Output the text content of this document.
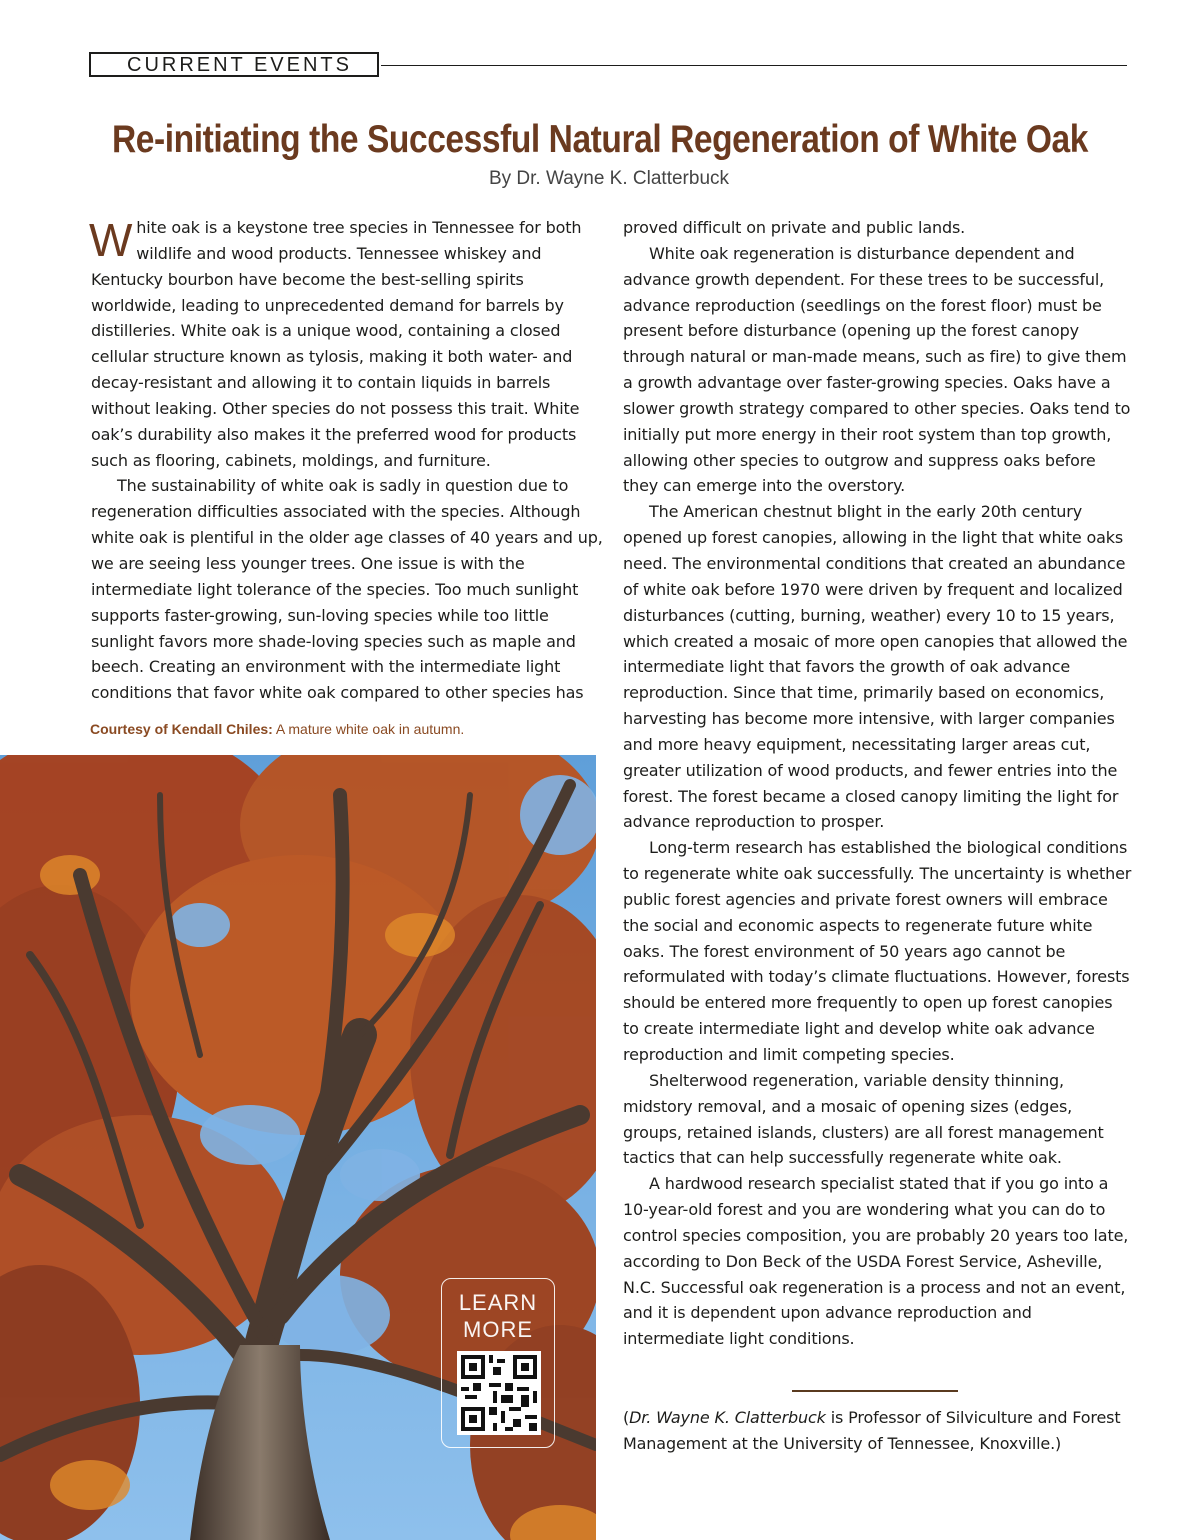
CURRENT EVENTS
Re-initiating the Successful Natural Regeneration of White Oak
By Dr. Wayne K. Clatterbuck

White oak is a keystone tree species in Tennessee for both wildlife and wood products. Tennessee whiskey and Kentucky bourbon have become the best-selling spirits worldwide, leading to unprecedented demand for barrels by distilleries. White oak is a unique wood, containing a closed cellular structure known as tylosis, making it both water- and decay-resistant and allowing it to contain liquids in barrels without leaking. Other species do not possess this trait. White oak’s durability also makes it the preferred wood for products such as flooring, cabinets, moldings, and furniture.

The sustainability of white oak is sadly in question due to regeneration difficulties associated with the species. Although white oak is plentiful in the older age classes of 40 years and up, we are seeing less younger trees. One issue is with the intermediate light tolerance of the species. Too much sunlight supports faster-growing, sun-loving species while too little sunlight favors more shade-loving species such as maple and beech. Creating an environment with the intermediate light conditions that favor white oak compared to other species has

Courtesy of Kendall Chiles: A mature white oak in autumn.
LEARN
MORE

proved difficult on private and public lands.

White oak regeneration is disturbance dependent and advance growth dependent. For these trees to be successful, advance reproduction (seedlings on the forest floor) must be present before disturbance (opening up the forest canopy through natural or man-made means, such as fire) to give them a growth advantage over faster-growing species. Oaks have a slower growth strategy compared to other species. Oaks tend to initially put more energy in their root system than top growth, allowing other species to outgrow and suppress oaks before they can emerge into the overstory.

The American chestnut blight in the early 20th century opened up forest canopies, allowing in the light that white oaks need. The environmental conditions that created an abundance of white oak before 1970 were driven by frequent and localized disturbances (cutting, burning, weather) every 10 to 15 years, which created a mosaic of more open canopies that allowed the intermediate light that favors the growth of oak advance reproduction. Since that time, primarily based on economics, harvesting has become more intensive, with larger companies and more heavy equipment, necessitating larger areas cut, greater utilization of wood products, and fewer entries into the forest. The forest became a closed canopy limiting the light for advance reproduction to prosper.

Long-term research has established the biological conditions to regenerate white oak successfully. The uncertainty is whether public forest agencies and private forest owners will embrace the social and economic aspects to regenerate future white oaks. The forest environment of 50 years ago cannot be reformulated with today’s climate fluctuations. However, forests should be entered more frequently to open up forest canopies to create intermediate light and develop white oak advance reproduction and limit competing species.

Shelterwood regeneration, variable density thinning, midstory removal, and a mosaic of opening sizes (edges, groups, retained islands, clusters) are all forest management tactics that can help successfully regenerate white oak.

A hardwood research specialist stated that if you go into a 10-year-old forest and you are wondering what you can do to control species composition, you are probably 20 years too late, according to Don Beck of the USDA Forest Service, Asheville, N.C. Successful oak regeneration is a process and not an event, and it is dependent upon advance reproduction and intermediate light conditions.

(Dr. Wayne K. Clatterbuck is Professor of Silviculture and Forest Management at the University of Tennessee, Knoxville.)
